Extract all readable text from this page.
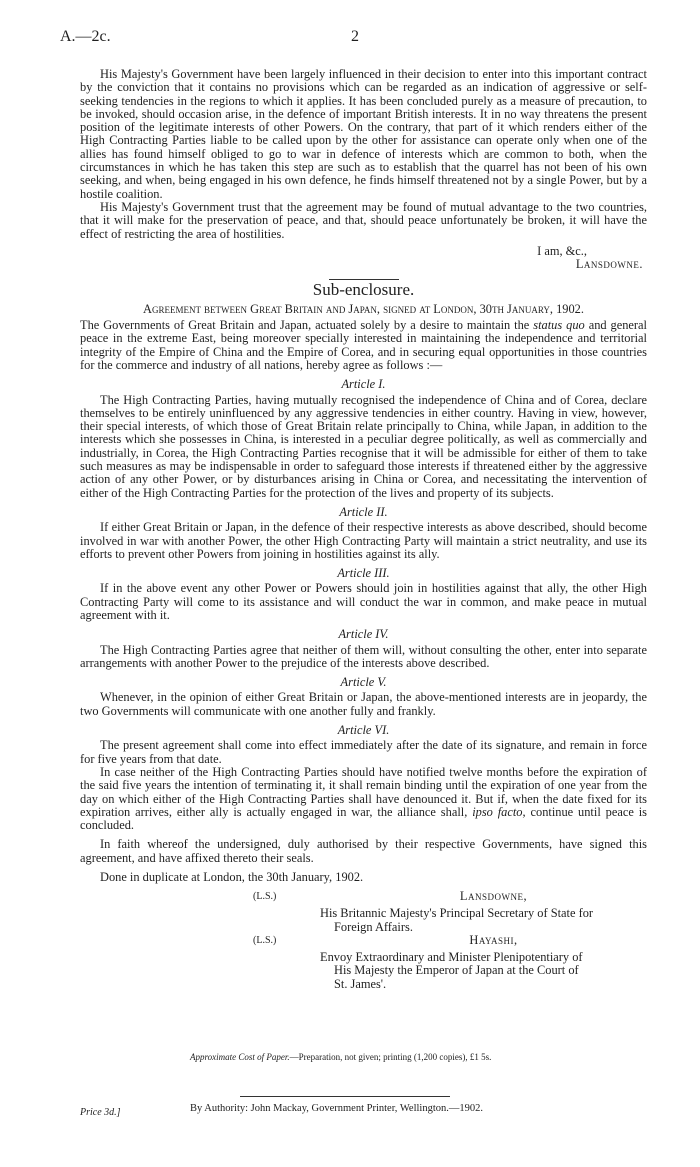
A.—2c.	2

His Majesty's Government have been largely influenced in their decision to enter into this important contract by the conviction that it contains no provisions which can be regarded as an indication of aggressive or self-seeking tendencies in the regions to which it applies. It has been concluded purely as a measure of precaution, to be invoked, should occasion arise, in the defence of important British interests. It in no way threatens the present position of the legitimate interests of other Powers. On the contrary, that part of it which renders either of the High Contracting Parties liable to be called upon by the other for assistance can operate only when one of the allies has found himself obliged to go to war in defence of interests which are common to both, when the circumstances in which he has taken this step are such as to establish that the quarrel has not been of his own seeking, and when, being engaged in his own defence, he finds himself threatened not by a single Power, but by a hostile coalition.

His Majesty's Government trust that the agreement may be found of mutual advantage to the two countries, that it will make for the preservation of peace, and that, should peace unfortunately be broken, it will have the effect of restricting the area of hostilities.

I am, &c.,

Lansdowne.

Sub-enclosure.
Agreement between Great Britain and Japan, signed at London, 30th January, 1902.

The Governments of Great Britain and Japan, actuated solely by a desire to maintain the status quo and general peace in the extreme East, being moreover specially interested in maintaining the independence and territorial integrity of the Empire of China and the Empire of Corea, and in securing equal opportunities in those countries for the commerce and industry of all nations, hereby agree as follows :—

Article I.

The High Contracting Parties, having mutually recognised the independence of China and of Corea, declare themselves to be entirely uninfluenced by any aggressive tendencies in either country. Having in view, however, their special interests, of which those of Great Britain relate principally to China, while Japan, in addition to the interests which she possesses in China, is interested in a peculiar degree politically, as well as commercially and industrially, in Corea, the High Contracting Parties recognise that it will be admissible for either of them to take such measures as may be indispensable in order to safeguard those interests if threatened either by the aggressive action of any other Power, or by disturbances arising in China or Corea, and necessitating the intervention of either of the High Contracting Parties for the protection of the lives and property of its subjects.

Article II.

If either Great Britain or Japan, in the defence of their respective interests as above described, should become involved in war with another Power, the other High Contracting Party will maintain a strict neutrality, and use its efforts to prevent other Powers from joining in hostilities against its ally.

Article III.

If in the above event any other Power or Powers should join in hostilities against that ally, the other High Contracting Party will come to its assistance and will conduct the war in common, and make peace in mutual agreement with it.

Article IV.

The High Contracting Parties agree that neither of them will, without consulting the other, enter into separate arrangements with another Power to the prejudice of the interests above described.

Article V.

Whenever, in the opinion of either Great Britain or Japan, the above-mentioned interests are in jeopardy, the two Governments will communicate with one another fully and frankly.

Article VI.

The present agreement shall come into effect immediately after the date of its signature, and remain in force for five years from that date.

In case neither of the High Contracting Parties should have notified twelve months before the expiration of the said five years the intention of terminating it, it shall remain binding until the expiration of one year from the day on which either of the High Contracting Parties shall have denounced it. But if, when the date fixed for its expiration arrives, either ally is actually engaged in war, the alliance shall, ipso facto, continue until peace is concluded.

In faith whereof the undersigned, duly authorised by their respective Governments, have signed this agreement, and have affixed thereto their seals.

Done in duplicate at London, the 30th January, 1902.

(L.S.)	Lansdowne,

His Britannic Majesty's Principal Secretary of State for
Foreign Affairs.

(L.S.)	Hayashi,

Envoy Extraordinary and Minister Plenipotentiary of
His Majesty the Emperor of Japan at the Court of
St. James'.

Approximate Cost of Paper.—Preparation, not given; printing (1,200 copies), £1 5s.
Price 3d.]	By Authority: John Mackay, Government Printer, Wellington.—1902.
